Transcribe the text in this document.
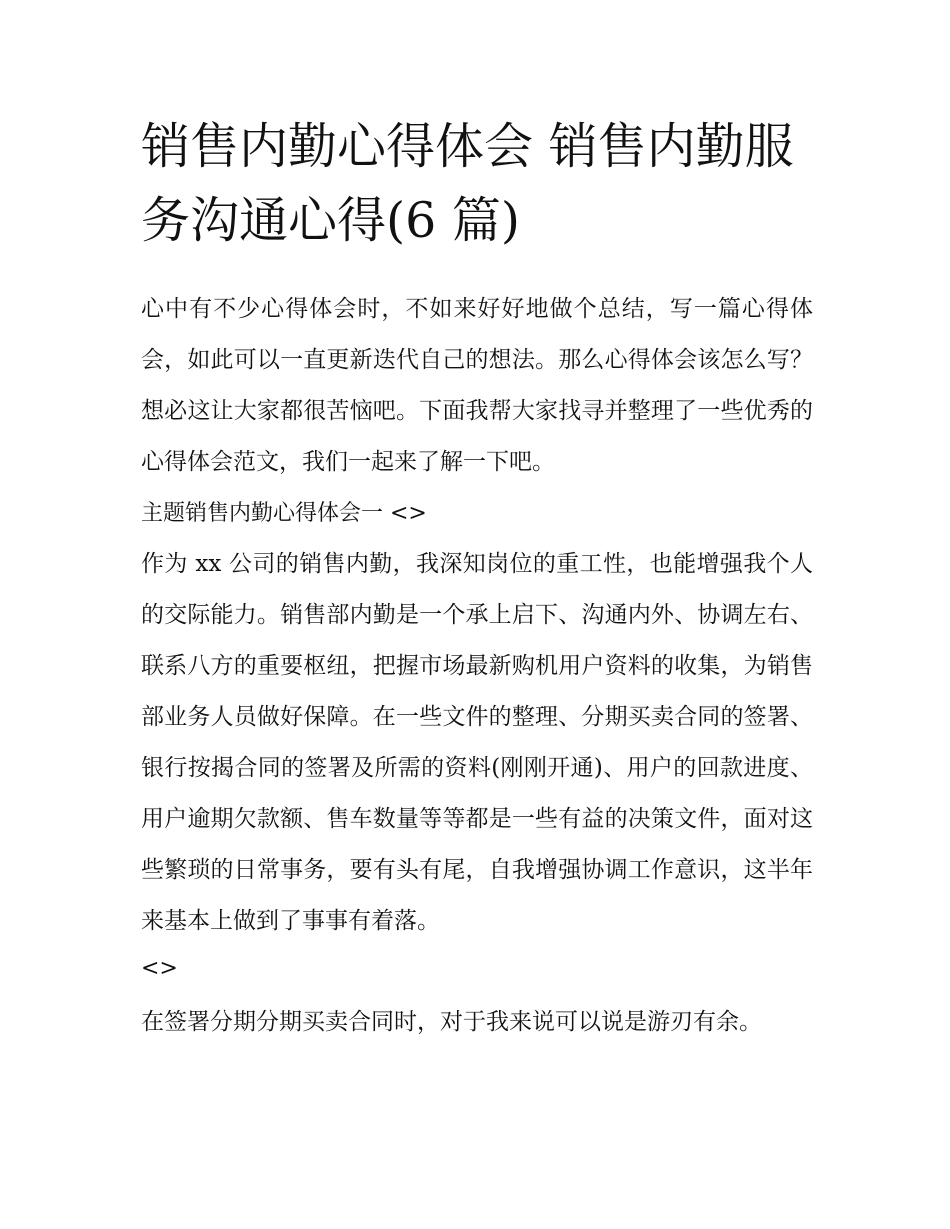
销售内勤心得体会 销售内勤服务沟通心得(6 篇)

心中有不少心得体会时，不如来好好地做个总结，写一篇心得体会，如此可以一直更新迭代自己的想法。那么心得体会该怎么写？想必这让大家都很苦恼吧。下面我帮大家找寻并整理了一些优秀的心得体会范文，我们一起来了解一下吧。

主题销售内勤心得体会一 <>

作为 xx 公司的销售内勤，我深知岗位的重工性，也能增强我个人的交际能力。销售部内勤是一个承上启下、沟通内外、协调左右、联系八方的重要枢纽，把握市场最新购机用户资料的收集，为销售部业务人员做好保障。在一些文件的整理、分期买卖合同的签署、银行按揭合同的签署及所需的资料(刚刚开通)、用户的回款进度、用户逾期欠款额、售车数量等等都是一些有益的决策文件，面对这些繁琐的日常事务，要有头有尾，自我增强协调工作意识，这半年来基本上做到了事事有着落。

<>

在签署分期分期买卖合同时，对于我来说可以说是游刃有余。
